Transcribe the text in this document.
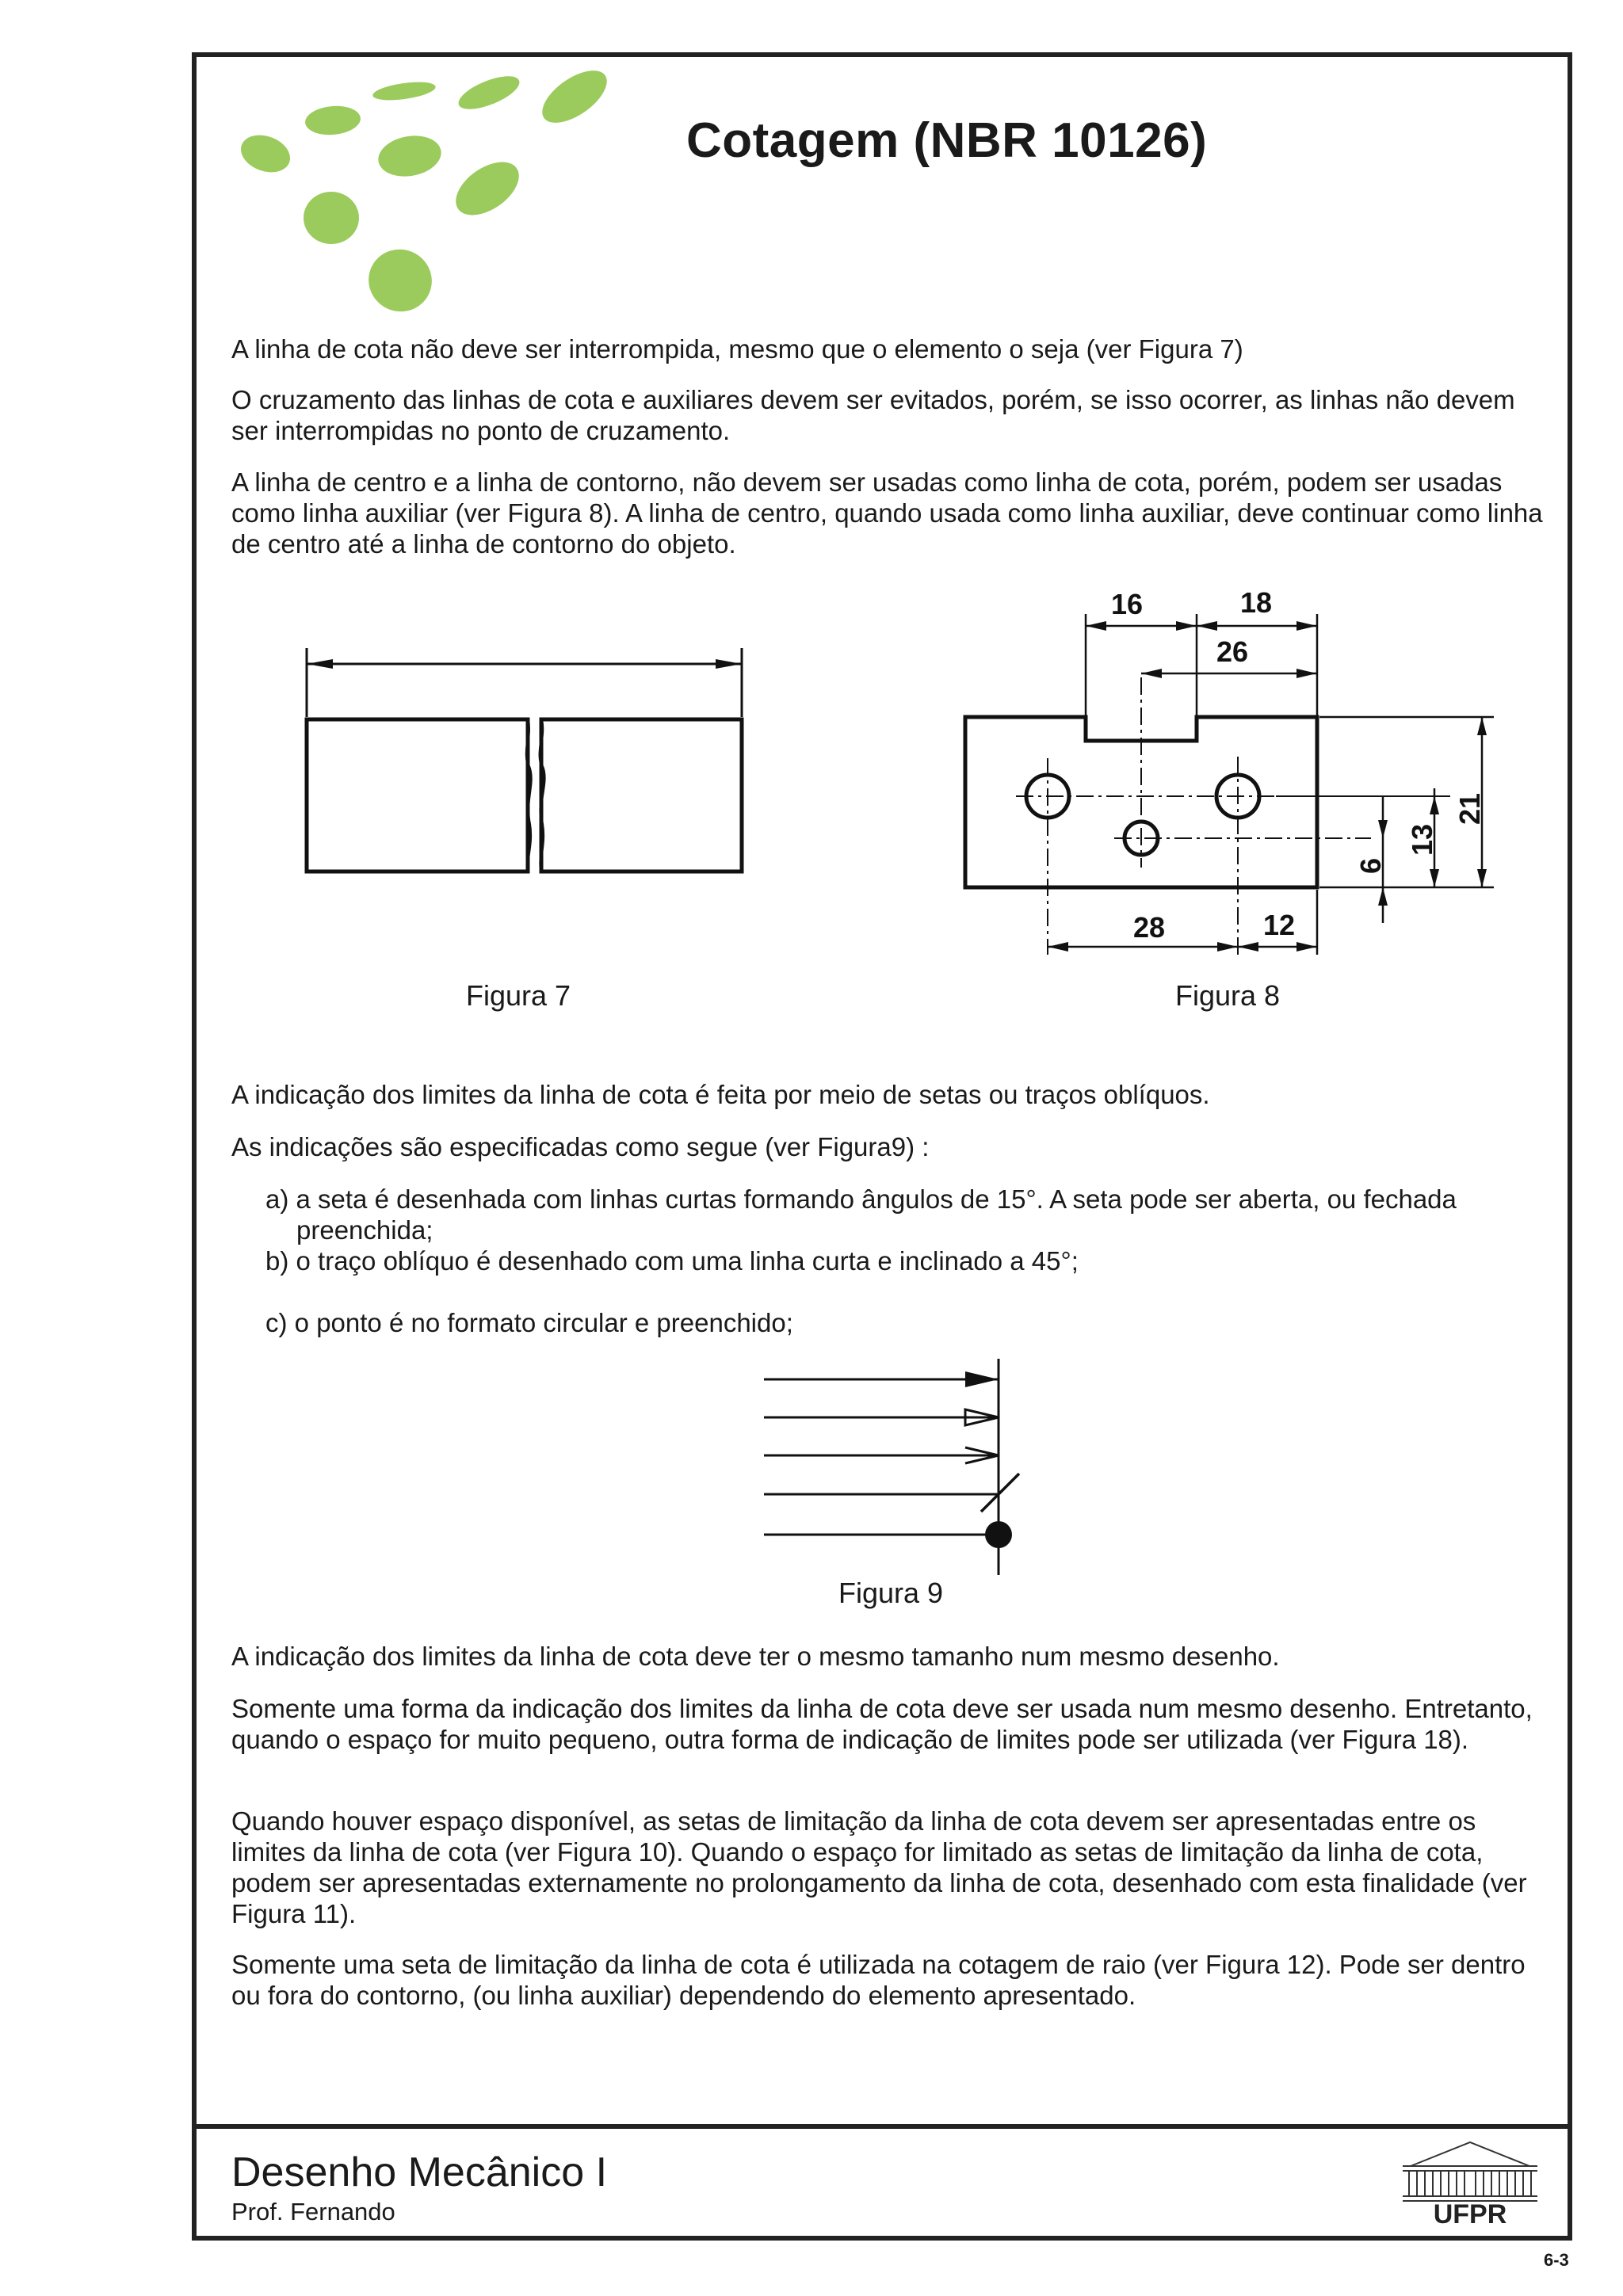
Cotagem (NBR 10126)

A linha de cota não deve ser interrompida, mesmo que o elemento o seja (ver Figura 7)

O cruzamento das linhas de cota e auxiliares devem ser evitados, porém, se isso ocorrer, as linhas não devem ser interrompidas no ponto de cruzamento.

A linha de centro e a linha de contorno, não devem ser usadas como linha de cota, porém, podem ser usadas como linha auxiliar (ver Figura 8). A linha de centro, quando usada como linha auxiliar, deve continuar como linha de centro até a linha de contorno do objeto.

Figura 7
16	18
26
28	12
6
13
21
Figura 8

A indicação dos limites da linha de cota é feita por meio de setas ou traços oblíquos.

As indicações são especificadas como segue (ver Figura9) :

a) a seta é desenhada com linhas curtas formando ângulos de 15°. A seta pode ser aberta, ou fechada
preenchida;
b) o traço oblíquo é desenhado com uma linha curta e inclinado a 45°;
c) o ponto é no formato circular e preenchido;
Figura 9

A indicação dos limites da linha de cota deve ter o mesmo tamanho num mesmo desenho.

Somente uma forma da indicação dos limites da linha de cota deve ser usada num mesmo desenho. Entretanto, quando o espaço for muito pequeno, outra forma de indicação de limites pode ser utilizada (ver Figura 18).

Quando houver espaço disponível, as setas de limitação da linha de cota devem ser apresentadas entre os limites da linha de cota (ver Figura 10). Quando o espaço for limitado as setas de limitação da linha de cota, podem ser apresentadas externamente no prolongamento da linha de cota, desenhado com esta finalidade (ver Figura 11).

Somente uma seta de limitação da linha de cota é utilizada na cotagem de raio (ver Figura 12). Pode ser dentro ou fora do contorno, (ou linha auxiliar) dependendo do elemento apresentado.

Desenho Mecânico I
Prof. Fernando	UFPR
6-3
